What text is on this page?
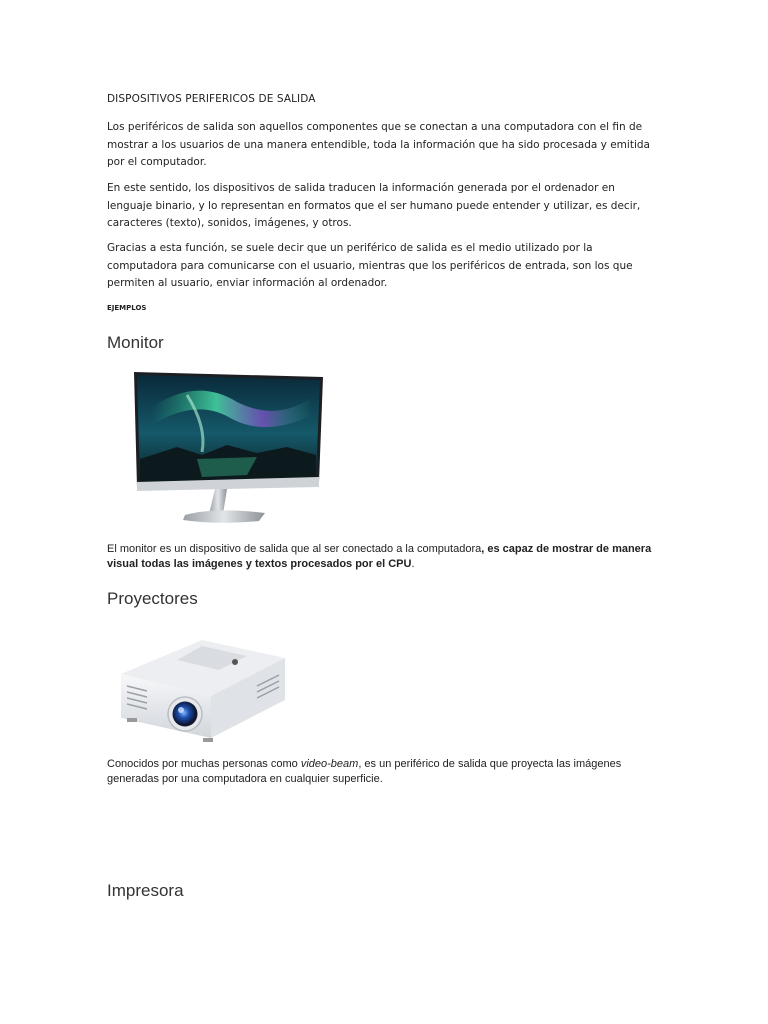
DISPOSITIVOS PERIFERICOS DE SALIDA

Los periféricos de salida son aquellos componentes que se conectan a una computadora con el fin de mostrar a los usuarios de una manera entendible, toda la información que ha sido procesada y emitida por el computador.

En este sentido, los dispositivos de salida traducen la información generada por el ordenador en lenguaje binario, y lo representan en formatos que el ser humano puede entender y utilizar, es decir, caracteres (texto), sonidos, imágenes, y otros.

Gracias a esta función, se suele decir que un periférico de salida es el medio utilizado por la computadora para comunicarse con el usuario, mientras que los periféricos de entrada, son los que permiten al usuario, enviar información al ordenador.

EJEMPLOS
Monitor

El monitor es un dispositivo de salida que al ser conectado a la computadora, es capaz de mostrar de manera visual todas las imágenes y textos procesados por el CPU.

Proyectores

Conocidos por muchas personas como video-beam, es un periférico de salida que proyecta las imágenes generadas por una computadora en cualquier superficie.

Impresora
